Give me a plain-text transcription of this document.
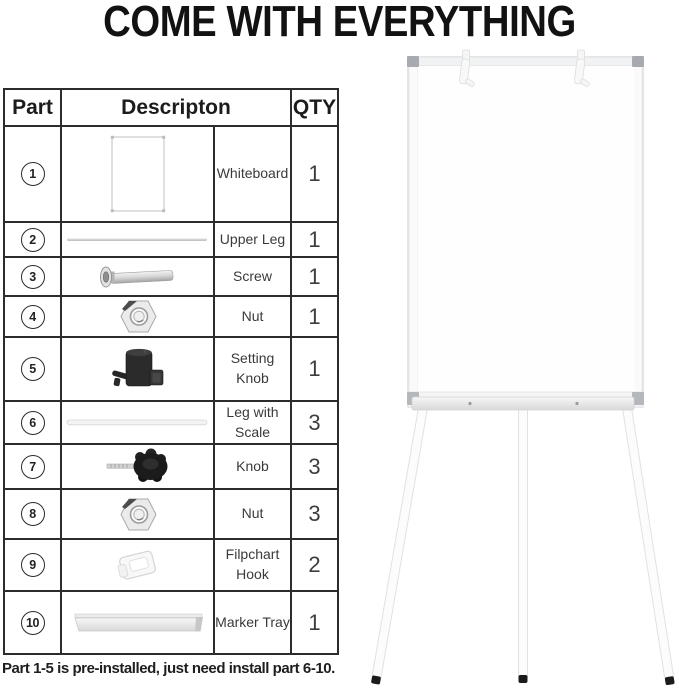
COME WITH EVERYTHING
Part	Descripton		QTY
1		Whiteboard	1
2		Upper Leg	1
3		Screw	1
4		Nut	1
5		Setting Knob	1
6		Leg with Scale	3
7		Knob	3
8		Nut	3
9		Filpchart Hook	2
10		Marker Tray	1
Part 1-5 is pre-installed, just need install part 6-10.
